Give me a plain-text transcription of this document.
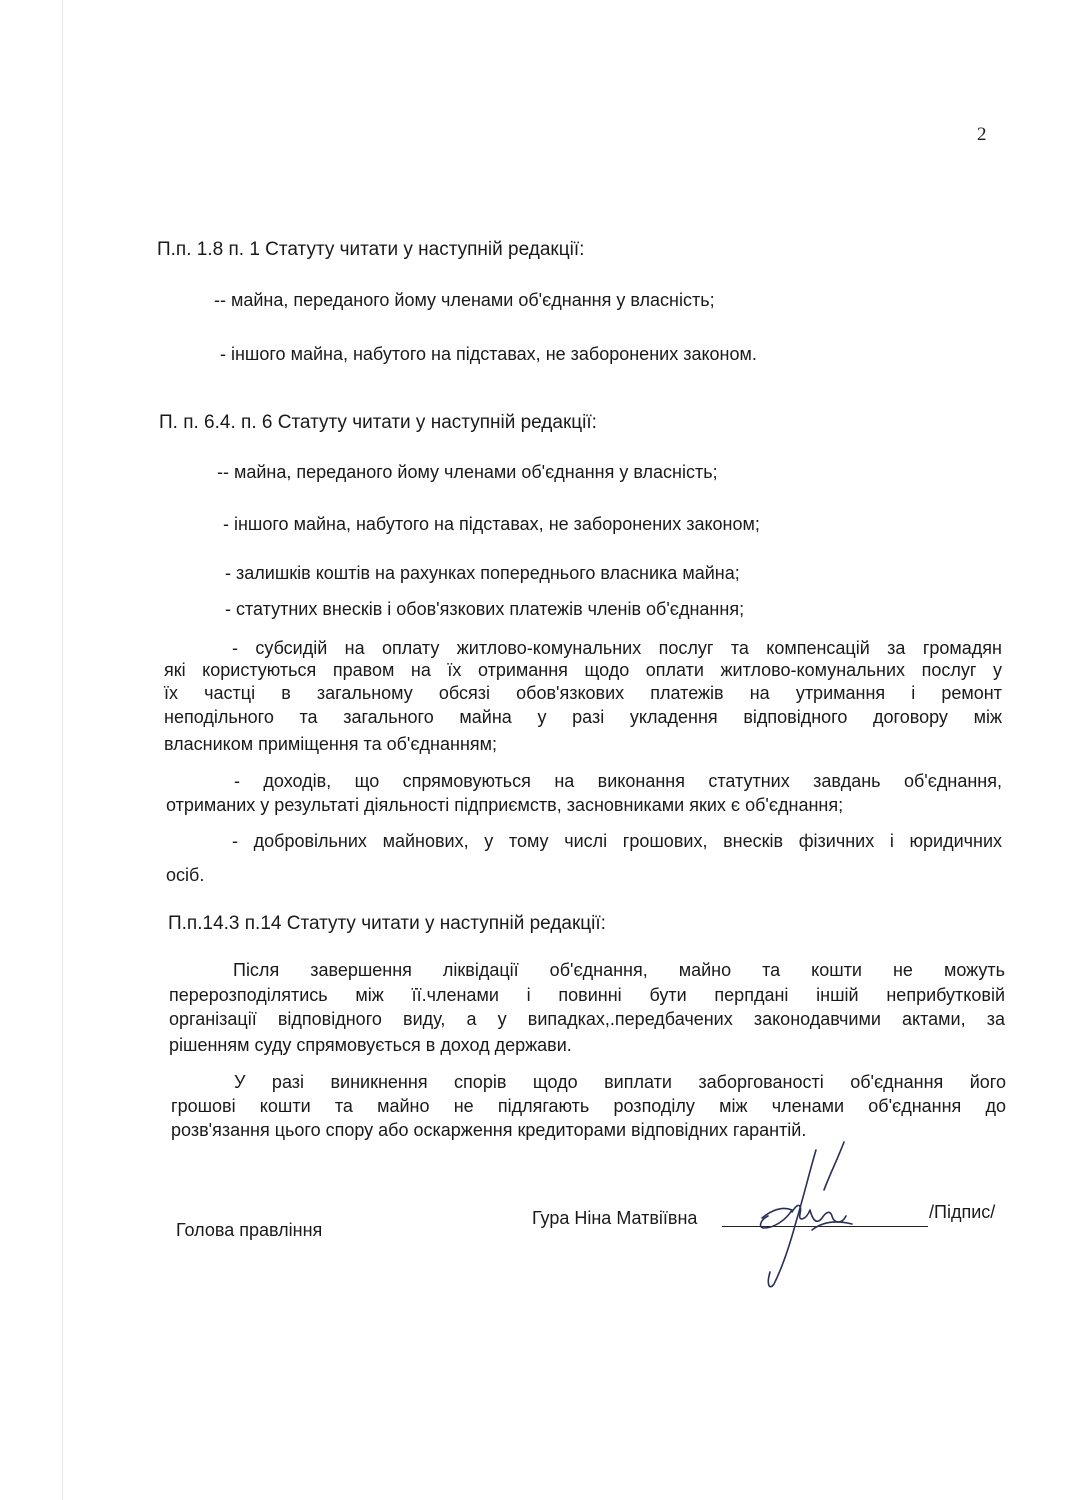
2
П.п. 1.8 п. 1 Статуту читати у наступній редакції:
-- майна, переданого йому членами об'єднання у власність;
- іншого майна, набутого на підставах, не заборонених законом.
П. п. 6.4. п. 6 Статуту читати у наступній редакції:
-- майна, переданого йому членами об'єднання у власність;
- іншого майна, набутого на підставах, не заборонених законом;
- залишків коштів на рахунках попереднього власника майна;
- статутних внесків і обов'язкових платежів членів об'єднання;
- субсидій на оплату житлово-комунальних послуг та компенсацій за громадян
які користуються правом на їх отримання щодо оплати житлово-комунальних послуг у
їх частці в загальному обсязі обов'язкових платежів на утримання і ремонт
неподільного та загального майна у разі укладення відповідного договору між
власником приміщення та об'єднанням;
- доходів, що спрямовуються на виконання статутних завдань об'єднання,
отриманих у результаті діяльності підприємств, засновниками яких є об'єднання;
- добровільних майнових, у тому числі грошових, внесків фізичних і юридичних
осіб.
П.п.14.3 п.14 Статуту читати у наступній редакції:
Після завершення ліквідації об'єднання, майно та кошти не можуть
перерозподілятись між її.членами і повинні бути перпдані іншій неприбутковій
організації відповідного виду, а у випадках,.передбачених законодавчими актами, за
рішенням суду спрямовується в доход держави.
У разі виникнення спорів щодо виплати заборгованості об'єднання його
грошові кошти та майно не підлягають розподілу між членами об'єднання до
розв'язання цього спору або оскарження кредиторами відповідних гарантій.
Голова правління
Гура Ніна Матвіївна	/Підпис/
